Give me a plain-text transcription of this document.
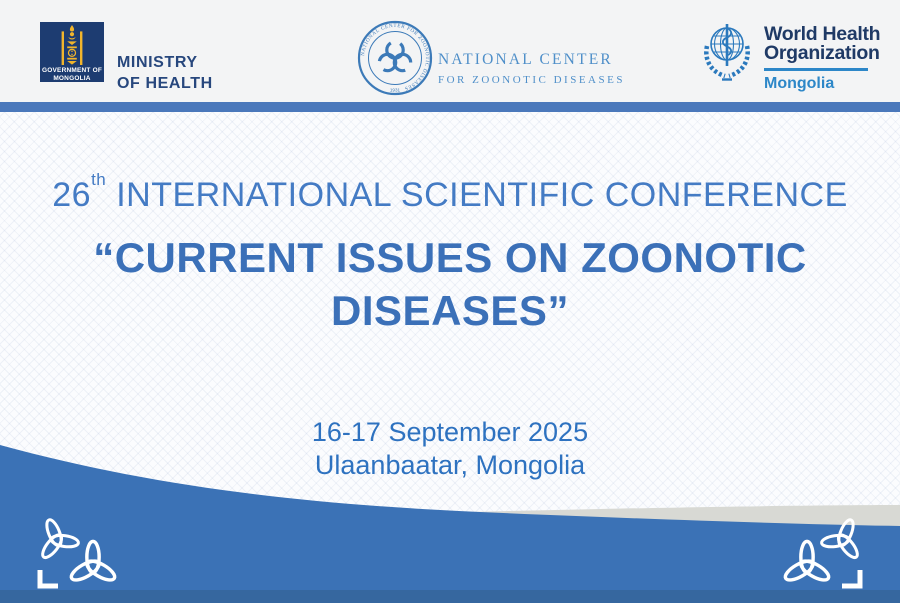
GOVERNMENT OF
MONGOLIA
MINISTRY
OF HEALTH
NATIONAL CENTER FOR ZOONOTIC DISEASES
1931
NATIONAL CENTER
FOR ZOONOTIC DISEASES
World Health
Organization
Mongolia
26th INTERNATIONAL SCIENTIFIC CONFERENCE
“CURRENT ISSUES ON ZOONOTIC
DISEASES”
16-17 September 2025
Ulaanbaatar, Mongolia
